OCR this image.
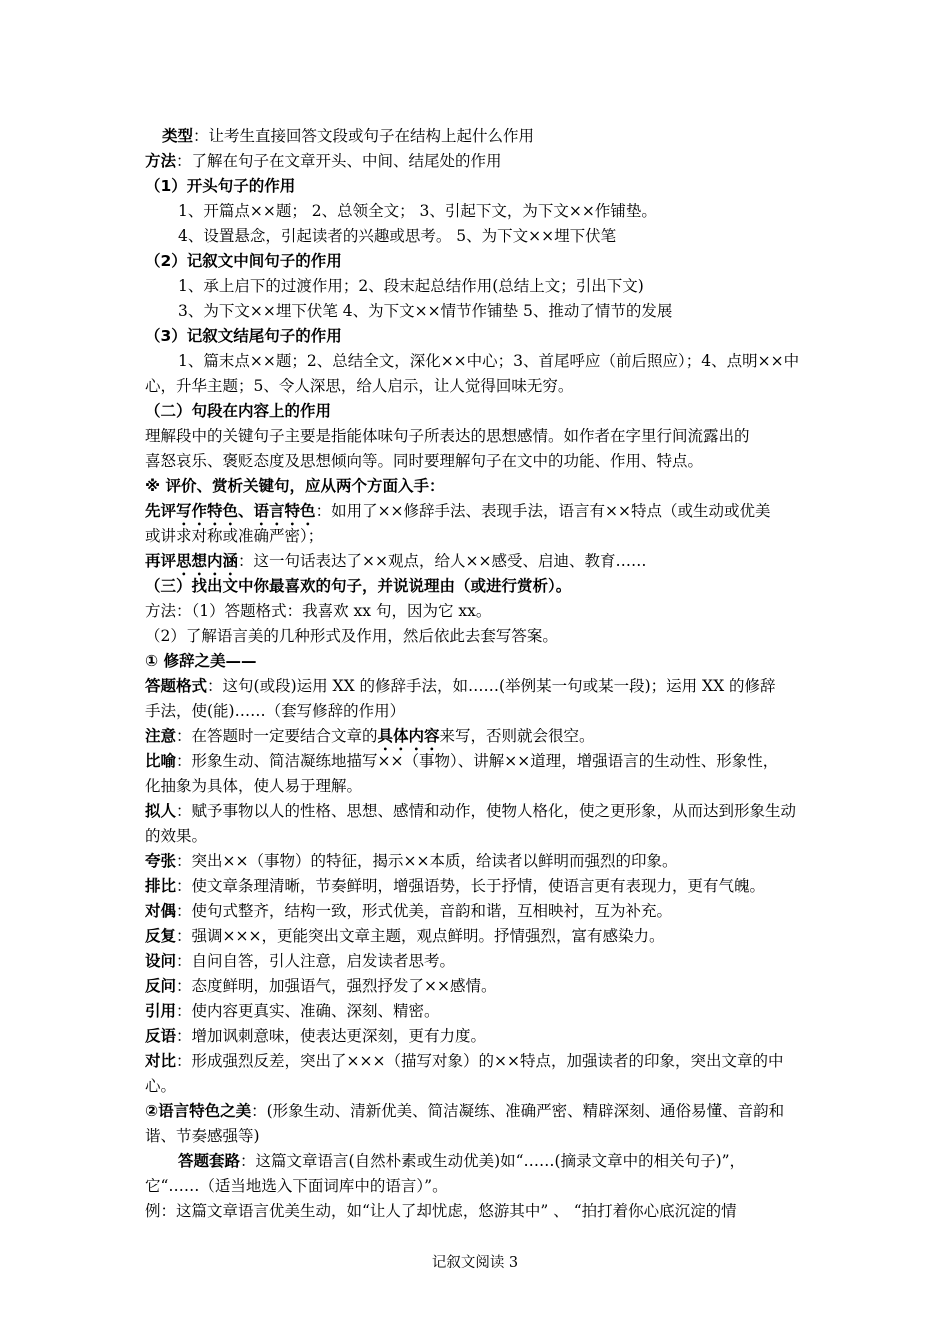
类型：让考生直接回答文段或句子在结构上起什么作用
方法：了解在句子在文章开头、中间、结尾处的作用
（1）开头句子的作用
1、开篇点××题； 2、总领全文； 3、引起下文，为下文××作铺垫。
4、设置悬念，引起读者的兴趣或思考。 5、为下文××埋下伏笔
（2）记叙文中间句子的作用
1、承上启下的过渡作用；2、段末起总结作用(总结上文；引出下文)
3、为下文××埋下伏笔 4、为下文××情节作铺垫 5、推动了情节的发展
（3）记叙文结尾句子的作用
1、篇末点××题；2、总结全文，深化××中心；3、首尾呼应（前后照应）；4、点明××中
心，升华主题；5、令人深思，给人启示，让人觉得回味无穷。
（二）句段在内容上的作用
理解段中的关键句子主要是指能体味句子所表达的思想感情。如作者在字里行间流露出的
喜怒哀乐、褒贬态度及思想倾向等。同时要理解句子在文中的功能、作用、特点。
※ 评价、赏析关键句，应从两个方面入手：
先评写作特色、语言特色：如用了××修辞手法、表现手法，语言有××特点（或生动或优美
或讲求对称或准确严密）；
再评思想内涵：这一句话表达了××观点，给人××感受、启迪、教育……
（三）找出文中你最喜欢的句子，并说说理由（或进行赏析）。
方法：（1）答题格式：我喜欢 xx 句，因为它 xx。
（2）了解语言美的几种形式及作用，然后依此去套写答案。
① 修辞之美——
答题格式：这句(或段)运用 XX 的修辞手法，如……(举例某一句或某一段)；运用 XX 的修辞
手法，使(能)……（套写修辞的作用）
注意：在答题时一定要结合文章的具体内容来写，否则就会很空。
比喻：形象生动、简洁凝练地描写××（事物）、讲解××道理，增强语言的生动性、形象性，
化抽象为具体，使人易于理解。
拟人：赋予事物以人的性格、思想、感情和动作，使物人格化，使之更形象，从而达到形象生动
的效果。
夸张：突出××（事物）的特征，揭示××本质，给读者以鲜明而强烈的印象。
排比：使文章条理清晰，节奏鲜明，增强语势，长于抒情，使语言更有表现力，更有气魄。
对偶：使句式整齐，结构一致，形式优美，音韵和谐，互相映衬，互为补充。
反复：强调×××，更能突出文章主题，观点鲜明。抒情强烈，富有感染力。
设问：自问自答，引人注意，启发读者思考。
反问：态度鲜明，加强语气，强烈抒发了××感情。
引用：使内容更真实、准确、深刻、精密。
反语：增加讽刺意味，使表达更深刻，更有力度。
对比：形成强烈反差，突出了×××（描写对象）的××特点，加强读者的印象，突出文章的中
心。
②语言特色之美：(形象生动、清新优美、简洁凝练、准确严密、精辟深刻、通俗易懂、音韵和
谐、节奏感强等)
答题套路：这篇文章语言(自然朴素或生动优美)如“……(摘录文章中的相关句子)”，
它“……（适当地选入下面词库中的语言）”。
例：这篇文章语言优美生动，如“让人了却忧虑，悠游其中” 、 “拍打着你心底沉淀的情
记叙文阅读 3
